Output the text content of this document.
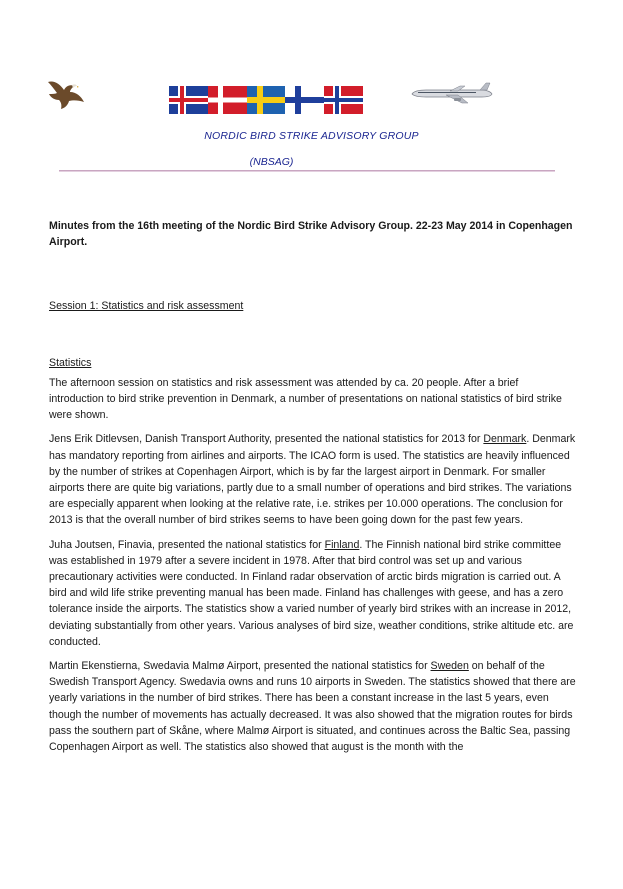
NORDIC BIRD STRIKE ADVISORY GROUP
(NBSAG)

Minutes from the 16th meeting of the Nordic Bird Strike Advisory Group. 22-23 May 2014 in Copenhagen Airport.

Session 1: Statistics and risk assessment

Statistics

The afternoon session on statistics and risk assessment was attended by ca. 20 people. After a brief introduction to bird strike prevention in Denmark, a number of presentations on national statistics of bird strike were shown.

Jens Erik Ditlevsen, Danish Transport Authority, presented the national statistics for 2013 for Denmark. Denmark has mandatory reporting from airlines and airports. The ICAO form is used. The statistics are heavily influenced by the number of strikes at Copenhagen Airport, which is by far the largest airport in Denmark. For smaller airports there are quite big variations, partly due to a small number of operations and bird strikes. The variations are especially apparent when looking at the relative rate, i.e. strikes per 10.000 operations. The conclusion for 2013 is that the overall number of bird strikes seems to have been going down for the past few years.

Juha Joutsen, Finavia, presented the national statistics for Finland. The Finnish national bird strike committee was established in 1979 after a severe incident in 1978. After that bird control was set up and various precautionary activities were conducted. In Finland radar observation of arctic birds migration is carried out. A bird and wild life strike preventing manual has been made. Finland has challenges with geese, and has a zero tolerance inside the airports. The statistics show a varied number of yearly bird strikes with an increase in 2012, deviating substantially from other years. Various analyses of bird size, weather conditions, strike altitude etc. are conducted.

Martin Ekenstierna, Swedavia Malmø Airport, presented the national statistics for Sweden on behalf of the Swedish Transport Agency. Swedavia owns and runs 10 airports in Sweden. The statistics showed that there are yearly variations in the number of bird strikes. There has been a constant increase in the last 5 years, even though the number of movements has actually decreased. It was also showed that the migration routes for birds pass the southern part of Skåne, where Malmø Airport is situated, and continues across the Baltic Sea, passing Copenhagen Airport as well. The statistics also showed that august is the month with the
